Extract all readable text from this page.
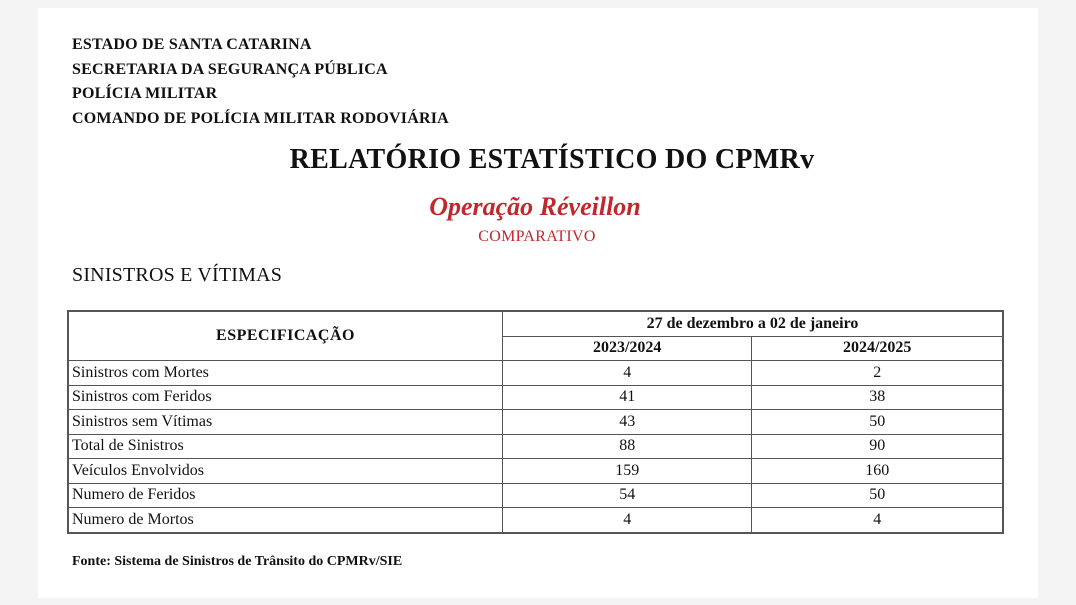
ESTADO DE SANTA CATARINA
SECRETARIA DA SEGURANÇA PÚBLICA
POLÍCIA MILITAR
COMANDO DE POLÍCIA MILITAR RODOVIÁRIA
RELATÓRIO ESTATÍSTICO DO CPMRv
Operação Réveillon
COMPARATIVO
SINISTROS E VÍTIMAS
ESPECIFICAÇÃO	27 de dezembro a 02 de janeiro	
	2023/2024	2024/2025
Sinistros com Mortes	4	2
Sinistros com Feridos	41	38
Sinistros sem Vítimas	43	50
Total de Sinistros	88	90
Veículos Envolvidos	159	160
Numero de Feridos	54	50
Numero de Mortos	4	4
Fonte: Sistema de Sinistros de Trânsito do CPMRv/SIE
